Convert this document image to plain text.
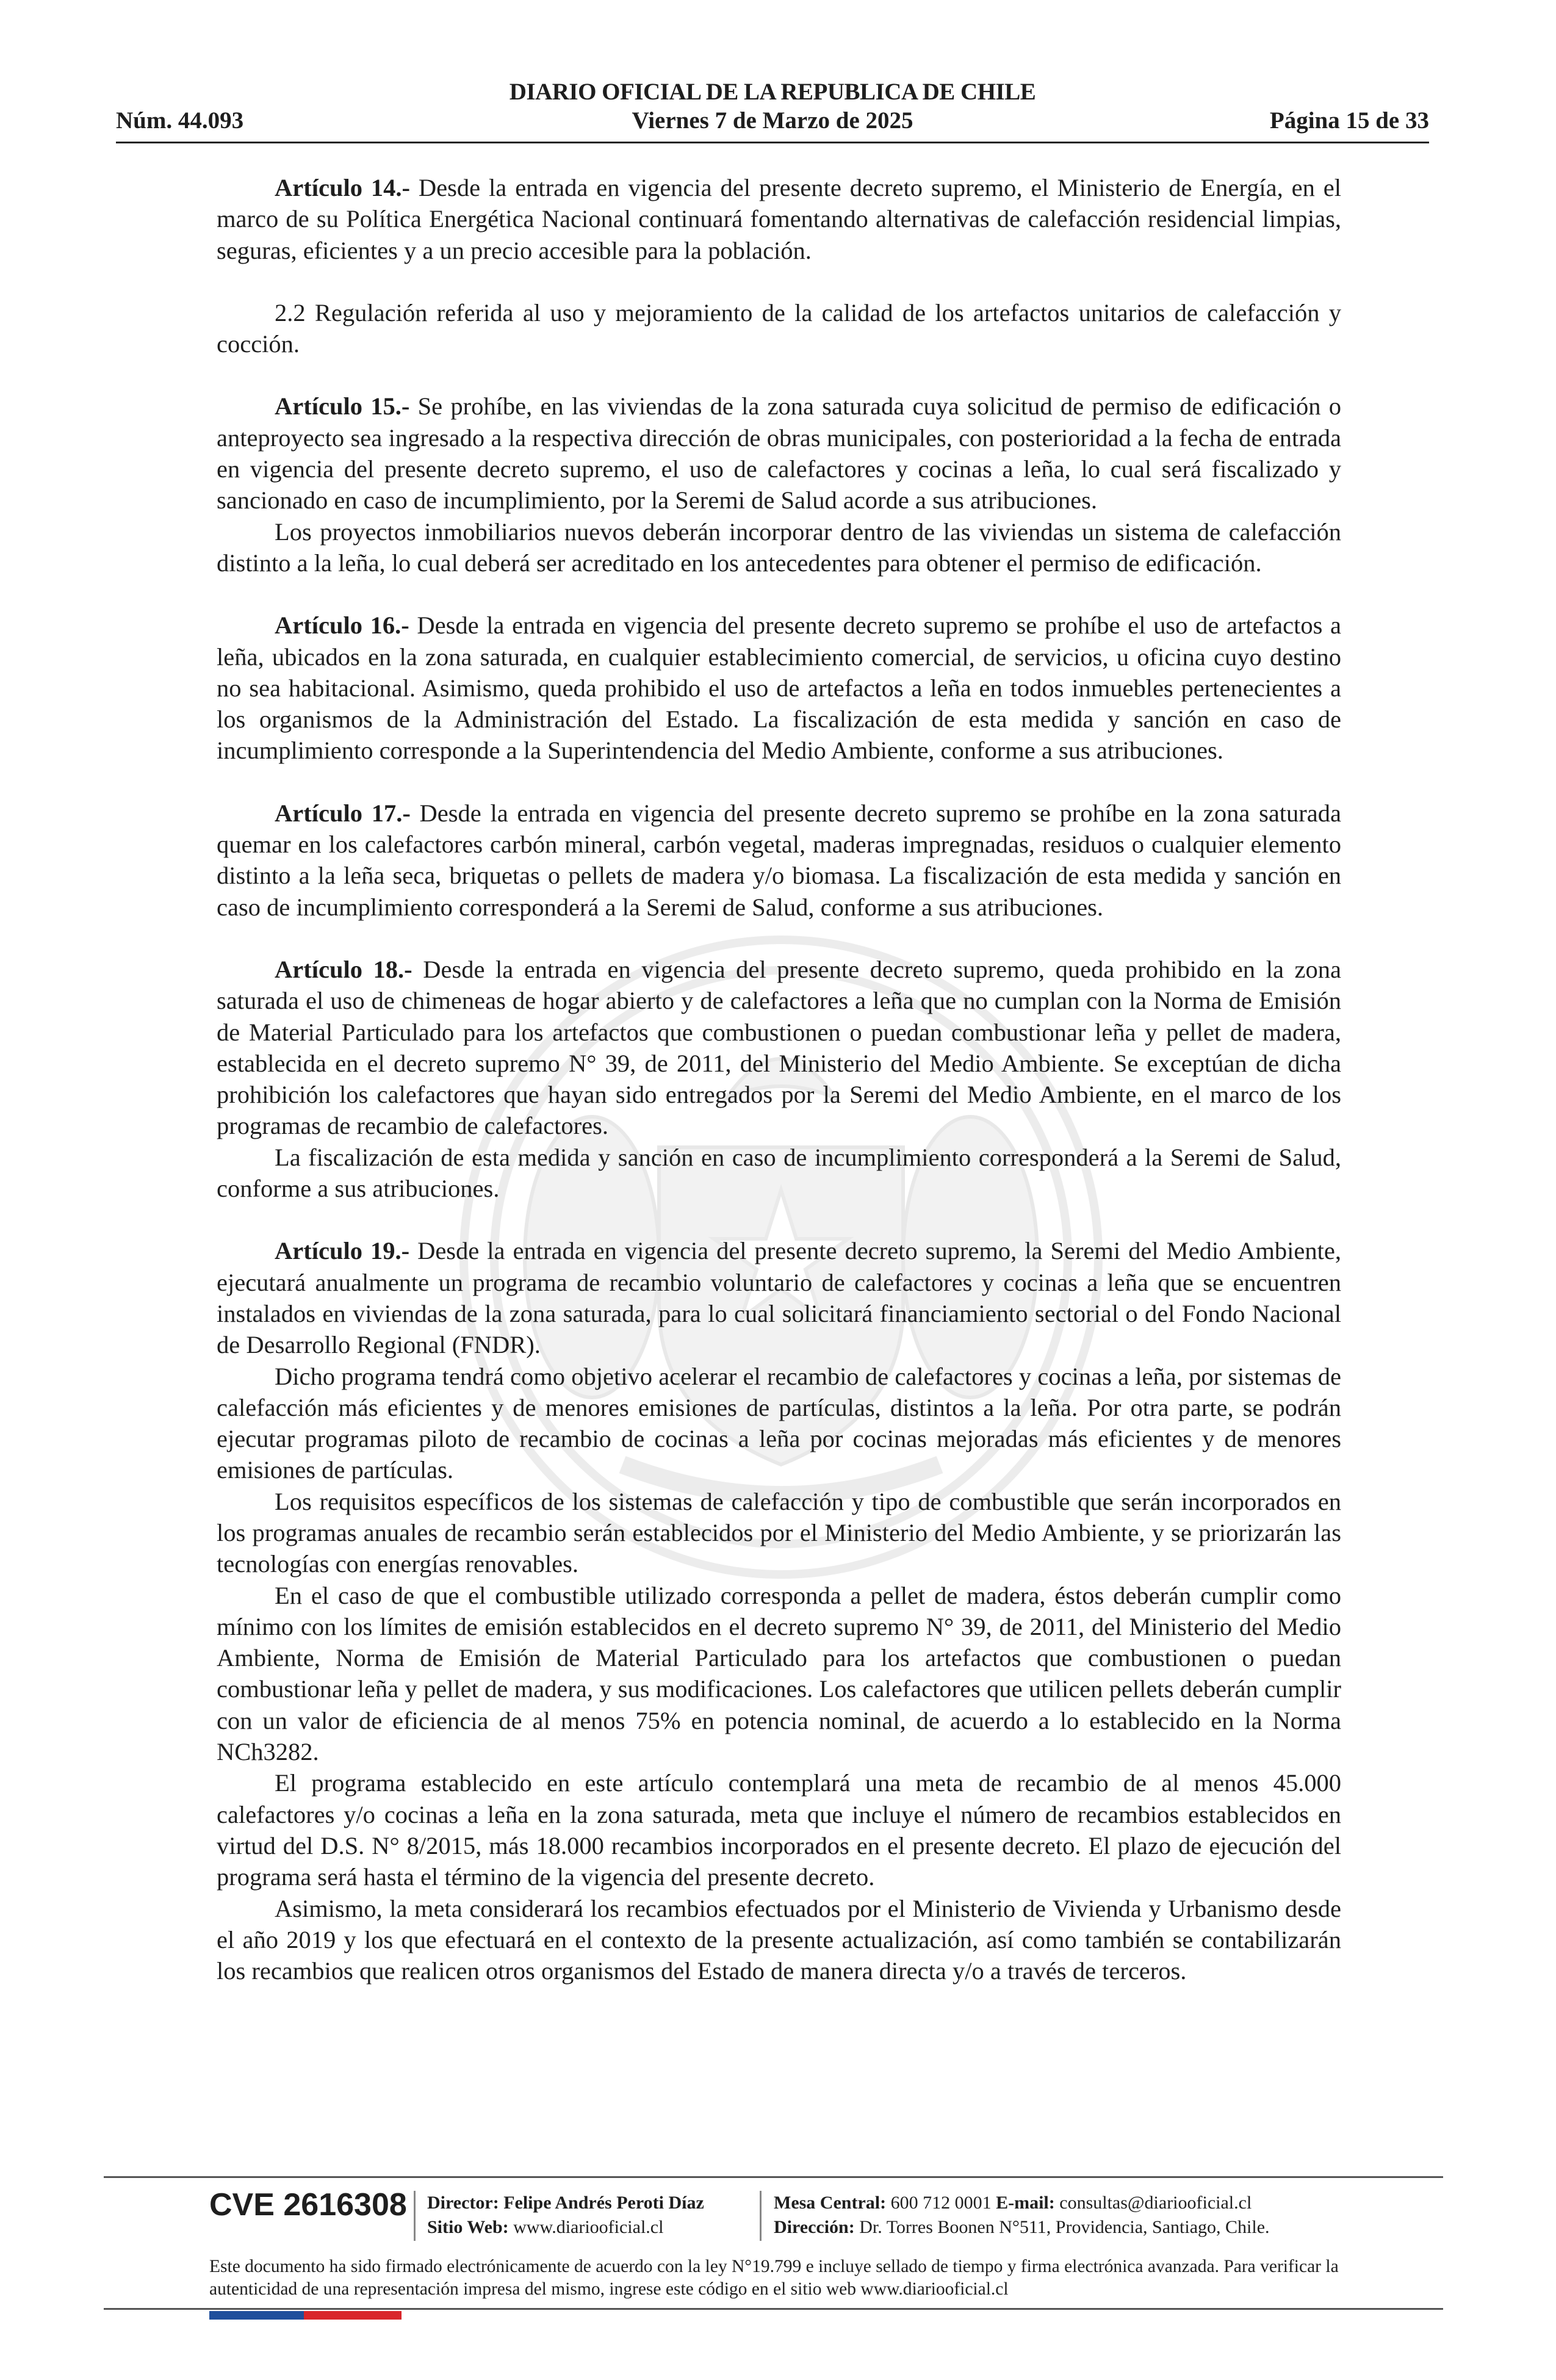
DIARIO OFICIAL DE LA REPUBLICA DE CHILE
Núm. 44.093	Viernes 7 de Marzo de 2025	Página 15 de 33

Artículo 14.- Desde la entrada en vigencia del presente decreto supremo, el Ministerio de Energía, en el marco de su Política Energética Nacional continuará fomentando alternativas de calefacción residencial limpias, seguras, eficientes y a un precio accesible para la población.

2.2 Regulación referida al uso y mejoramiento de la calidad de los artefactos unitarios de calefacción y cocción.

Artículo 15.- Se prohíbe, en las viviendas de la zona saturada cuya solicitud de permiso de edificación o anteproyecto sea ingresado a la respectiva dirección de obras municipales, con posterioridad a la fecha de entrada en vigencia del presente decreto supremo, el uso de calefactores y cocinas a leña, lo cual será fiscalizado y sancionado en caso de incumplimiento, por la Seremi de Salud acorde a sus atribuciones.

Los proyectos inmobiliarios nuevos deberán incorporar dentro de las viviendas un sistema de calefacción distinto a la leña, lo cual deberá ser acreditado en los antecedentes para obtener el permiso de edificación.

Artículo 16.- Desde la entrada en vigencia del presente decreto supremo se prohíbe el uso de artefactos a leña, ubicados en la zona saturada, en cualquier establecimiento comercial, de servicios, u oficina cuyo destino no sea habitacional. Asimismo, queda prohibido el uso de artefactos a leña en todos inmuebles pertenecientes a los organismos de la Administración del Estado. La fiscalización de esta medida y sanción en caso de incumplimiento corresponde a la Superintendencia del Medio Ambiente, conforme a sus atribuciones.

Artículo 17.- Desde la entrada en vigencia del presente decreto supremo se prohíbe en la zona saturada quemar en los calefactores carbón mineral, carbón vegetal, maderas impregnadas, residuos o cualquier elemento distinto a la leña seca, briquetas o pellets de madera y/o biomasa. La fiscalización de esta medida y sanción en caso de incumplimiento corresponderá a la Seremi de Salud, conforme a sus atribuciones.

Artículo 18.- Desde la entrada en vigencia del presente decreto supremo, queda prohibido en la zona saturada el uso de chimeneas de hogar abierto y de calefactores a leña que no cumplan con la Norma de Emisión de Material Particulado para los artefactos que combustionen o puedan combustionar leña y pellet de madera, establecida en el decreto supremo N° 39, de 2011, del Ministerio del Medio Ambiente. Se exceptúan de dicha prohibición los calefactores que hayan sido entregados por la Seremi del Medio Ambiente, en el marco de los programas de recambio de calefactores.

La fiscalización de esta medida y sanción en caso de incumplimiento corresponderá a la Seremi de Salud, conforme a sus atribuciones.

Artículo 19.- Desde la entrada en vigencia del presente decreto supremo, la Seremi del Medio Ambiente, ejecutará anualmente un programa de recambio voluntario de calefactores y cocinas a leña que se encuentren instalados en viviendas de la zona saturada, para lo cual solicitará financiamiento sectorial o del Fondo Nacional de Desarrollo Regional (FNDR).

Dicho programa tendrá como objetivo acelerar el recambio de calefactores y cocinas a leña, por sistemas de calefacción más eficientes y de menores emisiones de partículas, distintos a la leña. Por otra parte, se podrán ejecutar programas piloto de recambio de cocinas a leña por cocinas mejoradas más eficientes y de menores emisiones de partículas.

Los requisitos específicos de los sistemas de calefacción y tipo de combustible que serán incorporados en los programas anuales de recambio serán establecidos por el Ministerio del Medio Ambiente, y se priorizarán las tecnologías con energías renovables.

En el caso de que el combustible utilizado corresponda a pellet de madera, éstos deberán cumplir como mínimo con los límites de emisión establecidos en el decreto supremo N° 39, de 2011, del Ministerio del Medio Ambiente, Norma de Emisión de Material Particulado para los artefactos que combustionen o puedan combustionar leña y pellet de madera, y sus modificaciones. Los calefactores que utilicen pellets deberán cumplir con un valor de eficiencia de al menos 75% en potencia nominal, de acuerdo a lo establecido en la Norma NCh3282.

El programa establecido en este artículo contemplará una meta de recambio de al menos 45.000 calefactores y/o cocinas a leña en la zona saturada, meta que incluye el número de recambios establecidos en virtud del D.S. N° 8/2015, más 18.000 recambios incorporados en el presente decreto. El plazo de ejecución del programa será hasta el término de la vigencia del presente decreto.

Asimismo, la meta considerará los recambios efectuados por el Ministerio de Vivienda y Urbanismo desde el año 2019 y los que efectuará en el contexto de la presente actualización, así como también se contabilizarán los recambios que realicen otros organismos del Estado de manera directa y/o a través de terceros.

CVE 2616308 Director: Felipe Andrés Peroti Díaz
Sitio Web: www.diariooficial.cl
Mesa Central: 600 712 0001 E-mail: consultas@diariooficial.cl
Dirección: Dr. Torres Boonen N°511, Providencia, Santiago, Chile.
Este documento ha sido firmado electrónicamente de acuerdo con la ley N°19.799 e incluye sellado de tiempo y firma electrónica avanzada. Para verificar la autenticidad de una representación impresa del mismo, ingrese este código en el sitio web www.diariooficial.cl
